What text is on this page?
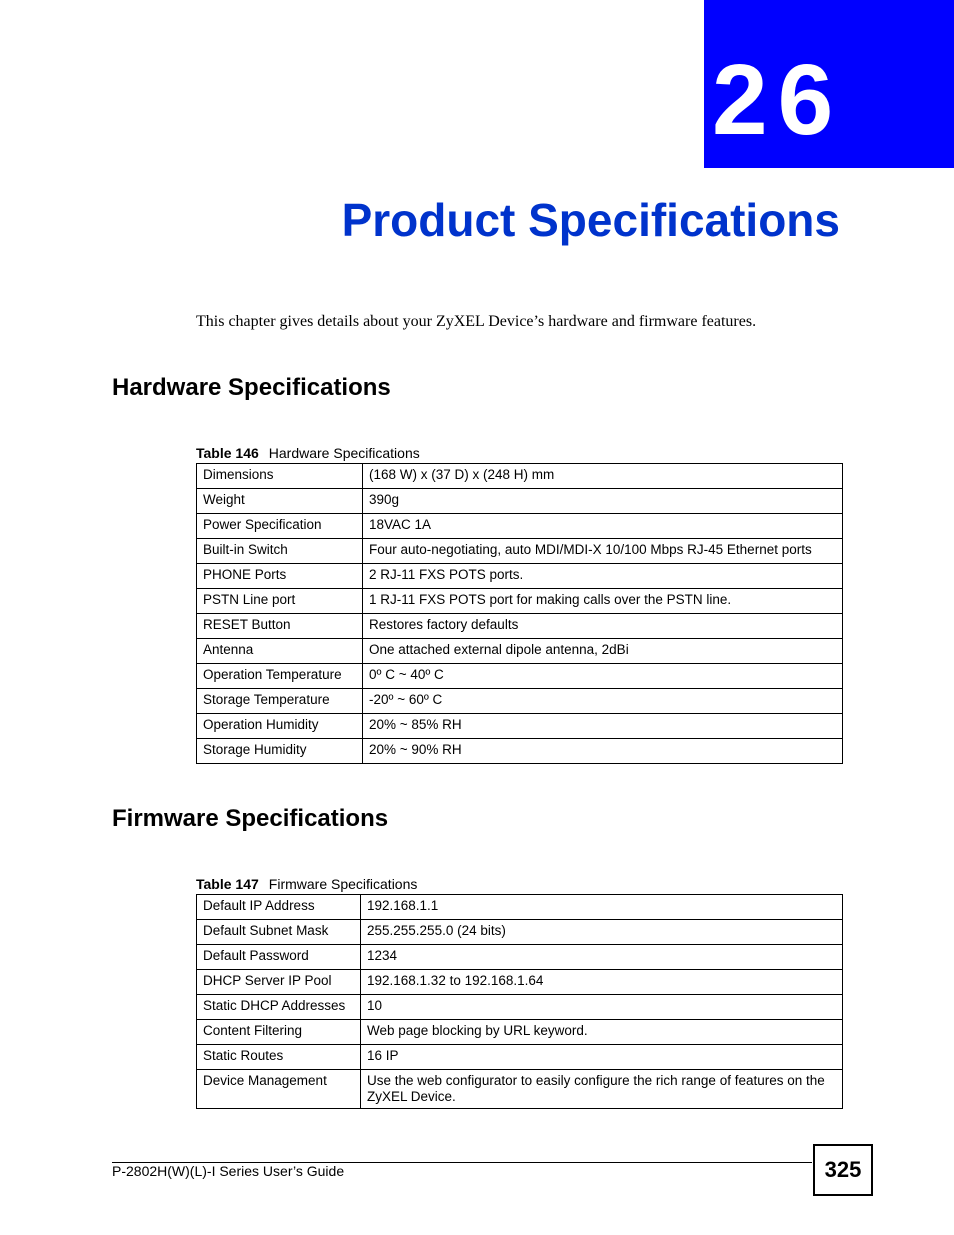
26
Product Specifications
This chapter gives details about your ZyXEL Device’s hardware and firmware features.
Hardware Specifications
Table 146 Hardware Specifications
Dimensions	(168 W) x (37 D) x (248 H) mm
Weight	390g
Power Specification	18VAC 1A
Built-in Switch	Four auto-negotiating, auto MDI/MDI-X 10/100 Mbps RJ-45 Ethernet ports
PHONE Ports	2 RJ-11 FXS POTS ports.
PSTN Line port	1 RJ-11 FXS POTS port for making calls over the PSTN line.
RESET Button	Restores factory defaults
Antenna	One attached external dipole antenna, 2dBi
Operation Temperature	0º C ~ 40º C
Storage Temperature	-20º ~ 60º C
Operation Humidity	20% ~ 85% RH
Storage Humidity	20% ~ 90% RH
Firmware Specifications
Table 147 Firmware Specifications
Default IP Address	192.168.1.1
Default Subnet Mask	255.255.255.0 (24 bits)
Default Password	1234
DHCP Server IP Pool	192.168.1.32 to 192.168.1.64
Static DHCP Addresses	10
Content Filtering	Web page blocking by URL keyword.
Static Routes	16 IP
Device Management	Use the web configurator to easily configure the rich range of features on the ZyXEL Device.
P-2802H(W)(L)-I Series User’s Guide	325
